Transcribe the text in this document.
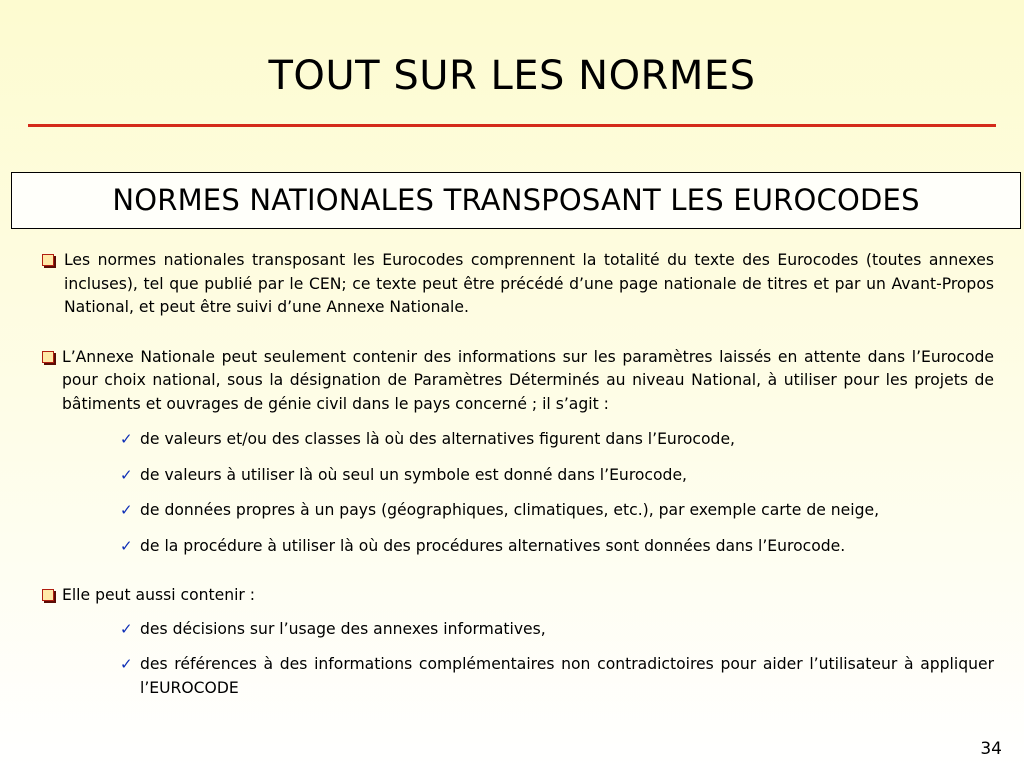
TOUT SUR LES NORMES
NORMES NATIONALES TRANSPOSANT LES EUROCODES

Les normes nationales transposant les Eurocodes comprennent la totalité du texte des Eurocodes (toutes annexes incluses), tel que publié par le CEN; ce texte peut être précédé d’une page nationale de titres et par un Avant-Propos National, et peut être suivi d’une Annexe Nationale.

L’Annexe Nationale peut seulement contenir des informations sur les paramètres laissés en attente dans l’Eurocode pour choix national, sous la désignation de Paramètres Déterminés au niveau National, à utiliser pour les projets de bâtiments et ouvrages de génie civil dans le pays concerné ; il s’agit :

✓ de valeurs et/ou des classes là où des alternatives figurent dans l’Eurocode,
✓ de valeurs à utiliser là où seul un symbole est donné dans l’Eurocode,
✓ de données propres à un pays (géographiques, climatiques, etc.), par exemple carte de neige,
✓ de la procédure à utiliser là où des procédures alternatives sont données dans l’Eurocode.

Elle peut aussi contenir :

✓ des décisions sur l’usage des annexes informatives,
✓ des références à des informations complémentaires non contradictoires pour aider l’utilisateur à appliquer l’EUROCODE
34
